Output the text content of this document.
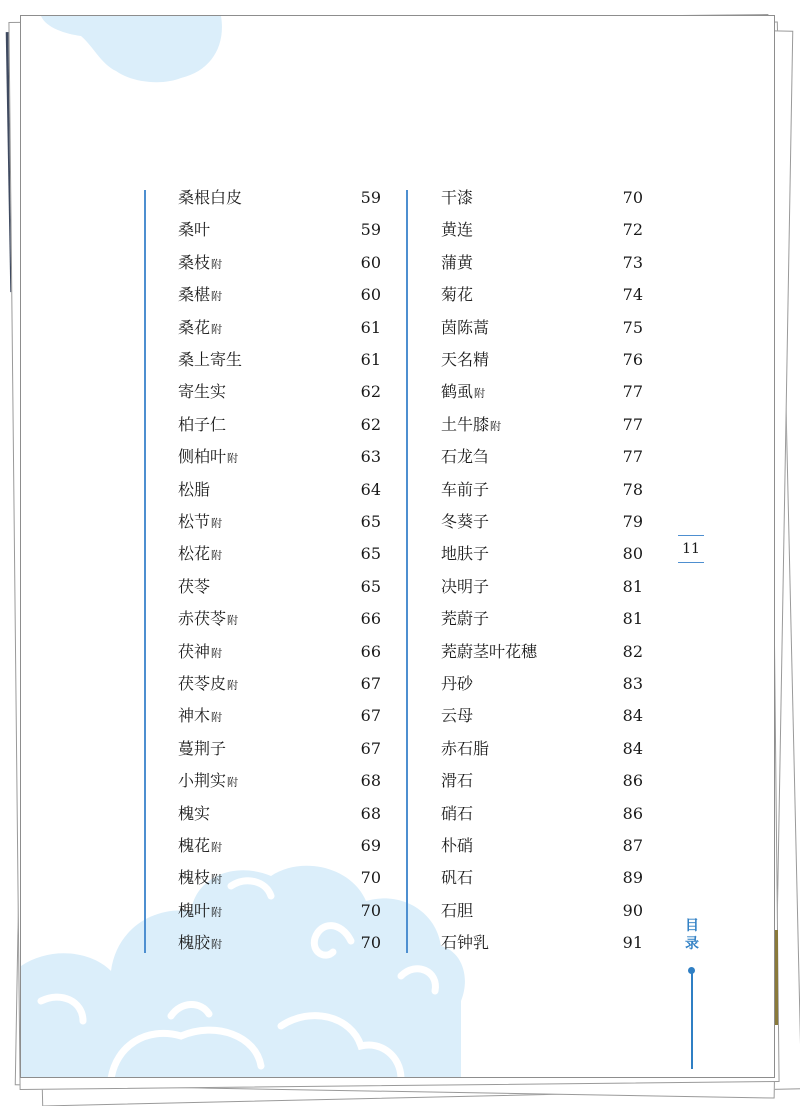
桑根白皮	59
桑叶	59
桑枝附	60
桑椹附	60
桑花附	61
桑上寄生	61
寄生实	62
柏子仁	62
侧柏叶附	63
松脂	64
松节附	65
松花附	65
茯苓	65
赤茯苓附	66
茯神附	66
茯苓皮附	67
神木附	67
蔓荆子	67
小荆实附	68
槐实	68
槐花附	69
槐枝附	70
槐叶附	70
槐胶附	70
干漆	70
黄连	72
蒲黄	73
菊花	74
茵陈蒿	75
天名精	76
鹤虱附	77
土牛膝附	77
石龙刍	77
车前子	78
冬葵子	79
地肤子	80
决明子	81
茺蔚子	81
茺蔚茎叶花穗	82
丹砂	83
云母	84
赤石脂	84
滑石	86
硝石	86
朴硝	87
矾石	89
石胆	90
石钟乳	91
11
目录
